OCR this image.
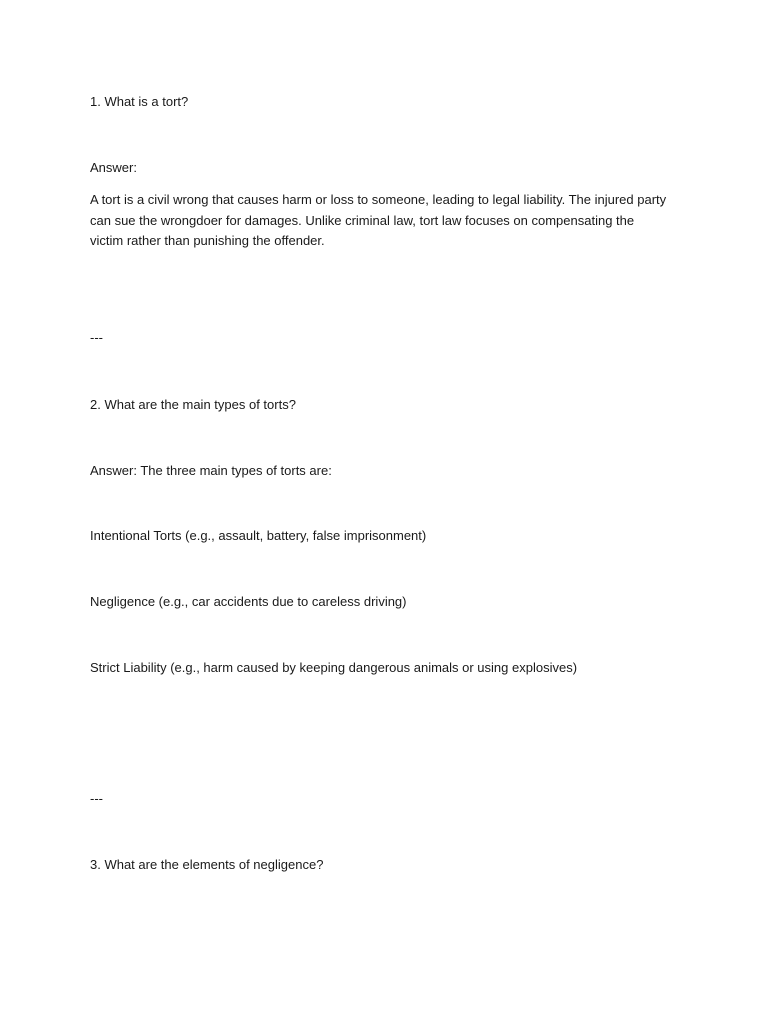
1. What is a tort?

Answer:

A tort is a civil wrong that causes harm or loss to someone, leading to legal liability. The injured party can sue the wrongdoer for damages. Unlike criminal law, tort law focuses on compensating the victim rather than punishing the offender.

---

2. What are the main types of torts?

Answer: The three main types of torts are:

Intentional Torts (e.g., assault, battery, false imprisonment)

Negligence (e.g., car accidents due to careless driving)

Strict Liability (e.g., harm caused by keeping dangerous animals or using explosives)

---

3. What are the elements of negligence?
